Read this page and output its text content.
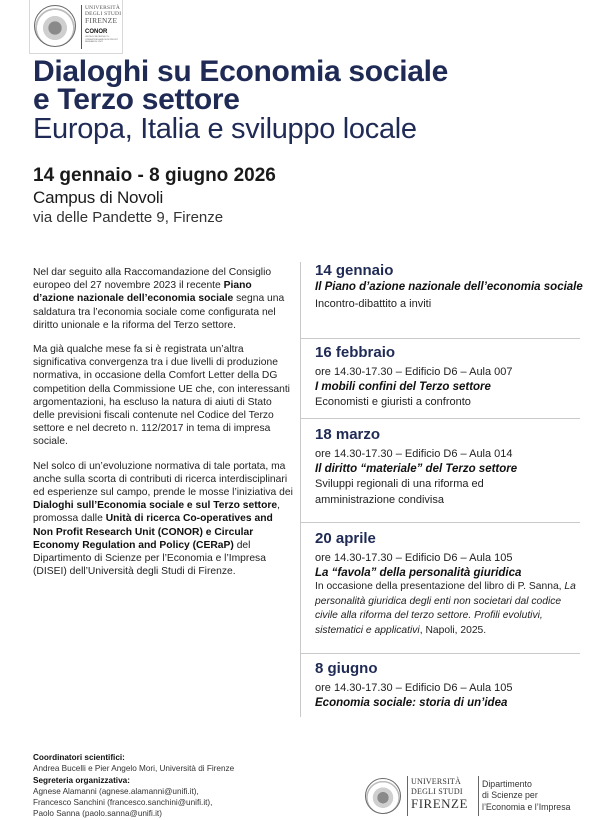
UNIVERSITÀ
DEGLI STUDI
FIRENZE
CONOR
UNITÀ DI RICERCA CO-OPERATIVES AND NON PROFIT RESEARCH UNIT
Dialoghi su Economia sociale
e Terzo settore
Europa, Italia e sviluppo locale
14 gennaio - 8 giugno 2026
Campus di Novoli
via delle Pandette 9, Firenze

Nel dar seguito alla Raccomandazione del Consiglio europeo del 27 novembre 2023 il recente Piano d’azione nazionale dell’economia sociale segna una saldatura tra l’economia sociale come configurata nel diritto unionale e la riforma del Terzo settore.

Ma già qualche mese fa si è registrata un’altra significativa convergenza tra i due livelli di produzione normativa, in occasione della Comfort Letter della DG competition della Commissione UE che, con interessanti argomentazioni, ha escluso la natura di aiuti di Stato delle previsioni fiscali contenute nel Codice del Terzo settore e nel decreto n. 112/2017 in tema di impresa sociale.

Nel solco di un’evoluzione normativa di tale portata, ma anche sulla scorta di contributi di ricerca interdisciplinari ed esperienze sul campo, prende le mosse l’iniziativa dei Dialoghi sull’Economia sociale e sul Terzo settore, promossa dalle Unità di ricerca Co-operatives and Non Profit Research Unit (CONOR) e Circular Economy Regulation and Policy (CERaP) del Dipartimento di Scienze per l’Economia e l’Impresa (DISEI) dell’Università degli Studi di Firenze.

14 gennaio
Il Piano d’azione nazionale dell’economia sociale
Incontro-dibattito a inviti
16 febbraio
ore 14.30-17.30 – Edificio D6 – Aula 007
I mobili confini del Terzo settore
Economisti e giuristi a confronto
18 marzo
ore 14.30-17.30 – Edificio D6 – Aula 014
Il diritto “materiale” del Terzo settore
Sviluppi regionali di una riforma ed amministrazione condivisa
20 aprile
ore 14.30-17.30 – Edificio D6 – Aula 105
La “favola” della personalità giuridica
In occasione della presentazione del libro di P. Sanna, La personalità giuridica degli enti non societari dal codice civile alla riforma del terzo settore. Profili evolutivi, sistematici e applicativi, Napoli, 2025.
8 giugno
ore 14.30-17.30 – Edificio D6 – Aula 105
Economia sociale: storia di un’idea
Coordinatori scientifici:
Andrea Bucelli e Pier Angelo Mori, Università di Firenze
Segreteria organizzativa:
Agnese Alamanni (agnese.alamanni@unifi.it),
Francesco Sanchini (francesco.sanchini@unifi.it),
Paolo Sanna (paolo.sanna@unifi.it)
UNIVERSITÀ
DEGLI STUDI
FIRENZE
Dipartimento
di Scienze per
l’Economia e l’Impresa
